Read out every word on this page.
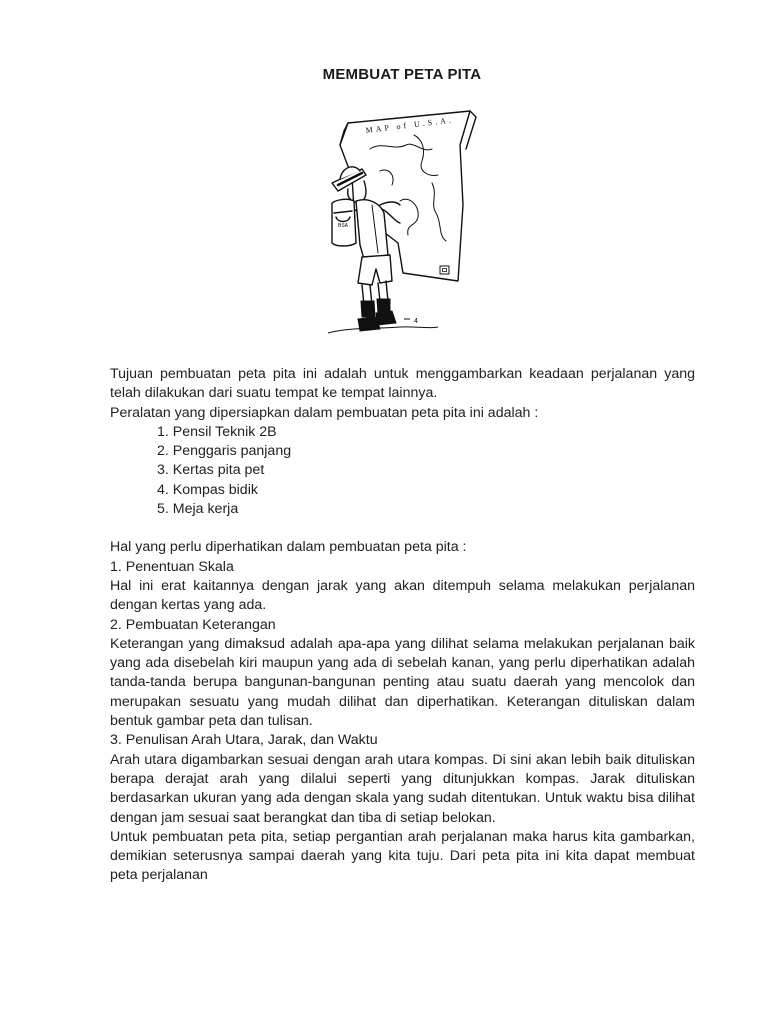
MEMBUAT PETA PITA
4
MAP of U.S.A.
BSA

Tujuan pembuatan peta pita ini adalah untuk menggambarkan keadaan perjalanan yang telah dilakukan dari suatu tempat ke tempat lainnya.

Peralatan yang dipersiapkan dalam pembuatan peta pita ini adalah :

1. Pensil Teknik 2B
2. Penggaris panjang
3. Kertas pita pet
4. Kompas bidik
5. Meja kerja

Hal yang perlu diperhatikan dalam pembuatan peta pita :

1. Penentuan Skala

Hal ini erat kaitannya dengan jarak yang akan ditempuh selama melakukan perjalanan dengan kertas yang ada.

2. Pembuatan Keterangan

Keterangan yang dimaksud adalah apa-apa yang dilihat selama melakukan perjalanan baik yang ada disebelah kiri maupun yang ada di sebelah kanan, yang perlu diperhatikan adalah tanda-tanda berupa bangunan-bangunan penting atau suatu daerah yang mencolok dan merupakan sesuatu yang mudah dilihat dan diperhatikan. Keterangan dituliskan dalam bentuk gambar peta dan tulisan.

3. Penulisan Arah Utara, Jarak, dan Waktu

Arah utara digambarkan sesuai dengan arah utara kompas. Di sini akan lebih baik dituliskan berapa derajat arah yang dilalui seperti yang ditunjukkan kompas. Jarak dituliskan berdasarkan ukuran yang ada dengan skala yang sudah ditentukan. Untuk waktu bisa dilihat dengan jam sesuai saat berangkat dan tiba di setiap belokan.

Untuk pembuatan peta pita, setiap pergantian arah perjalanan maka harus kita gambarkan, demikian seterusnya sampai daerah yang kita tuju. Dari peta pita ini kita dapat membuat peta perjalanan
